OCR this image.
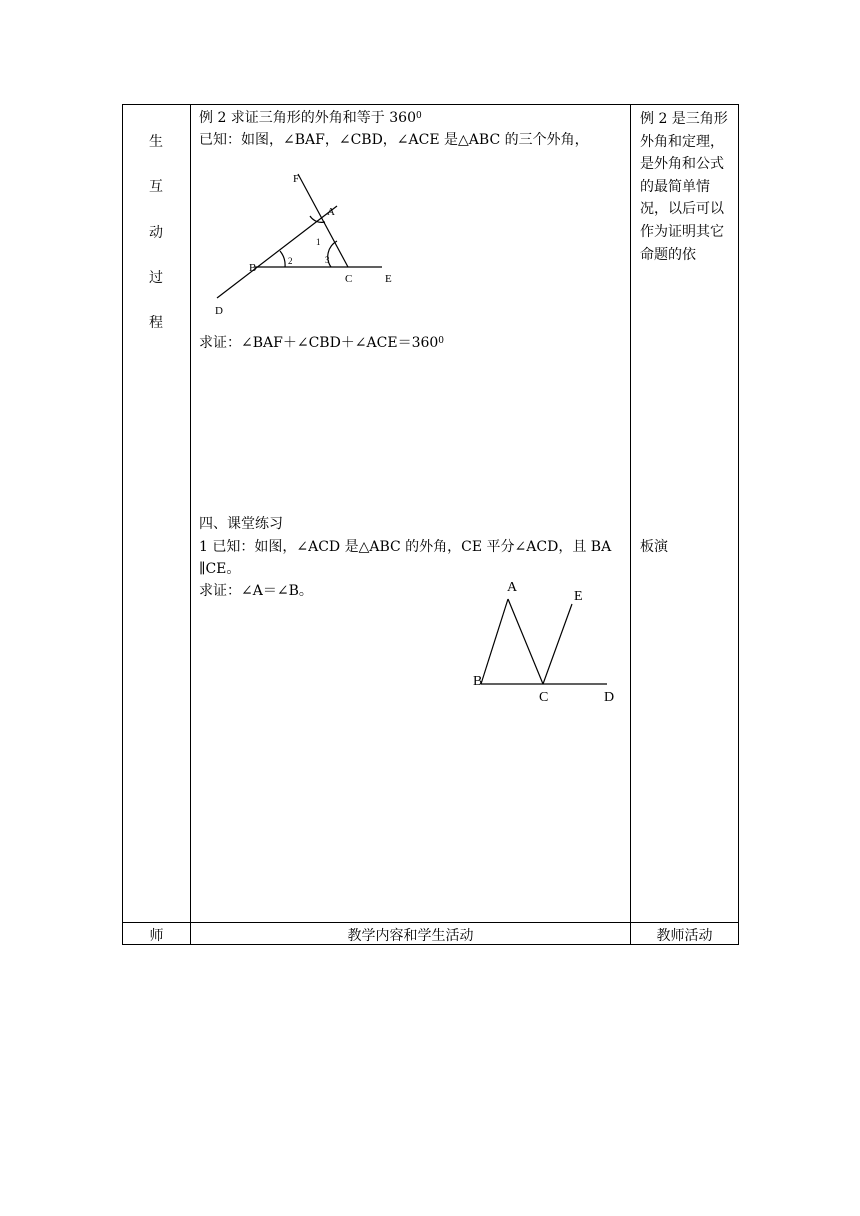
生
互
动
过
程
例 2 求证三角形的外角和等于 $360^0$
已知：如图，∠BAF，∠CBD，∠ACE 是△ABC 的三个外角，
F
A
B
C	E
D
1
2	3
求证：$\angle BAF+\angle CBD+\angle ACE=360^0$
四、课堂练习
1 已知：如图，∠ACD 是△ABC 的外角，CE 平分∠ACD，且 BA
∥CE。
求证：∠A＝∠B。	A
E
B
C	D
例 2 是三角形外角和定理，是外角和公式的最简单情况，以后可以作为证明其它命题的依
板演
师	教学内容和学生活动	教师活动
